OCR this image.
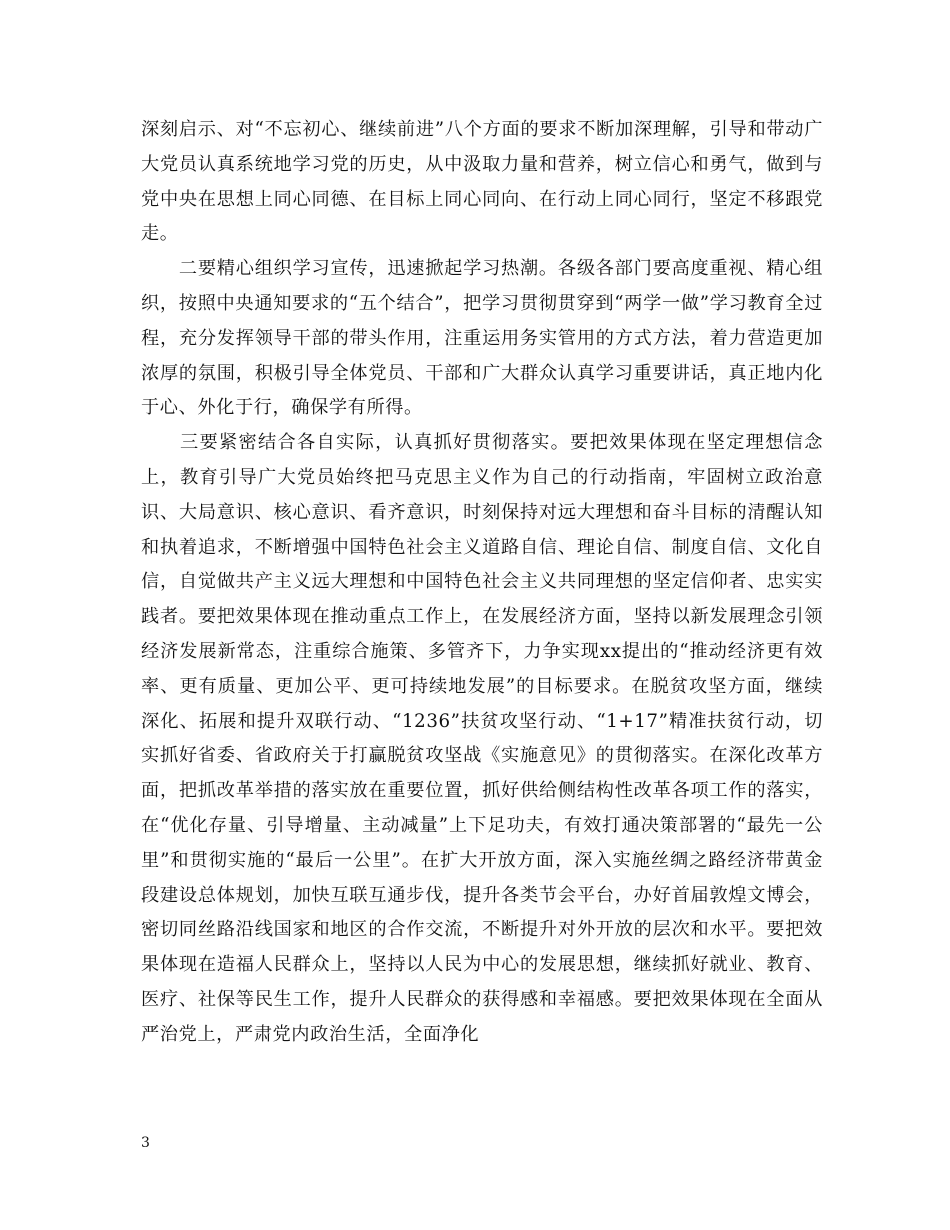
深刻启示、对“不忘初心、继续前进”八个方面的要求不断加深理解，引导和带动广大党员认真系统地学习党的历史，从中汲取力量和营养，树立信心和勇气，做到与党中央在思想上同心同德、在目标上同心同向、在行动上同心同行，坚定不移跟党走。

　　二要精心组织学习宣传，迅速掀起学习热潮。各级各部门要高度重视、精心组织，按照中央通知要求的“五个结合”，把学习贯彻贯穿到“两学一做”学习教育全过程，充分发挥领导干部的带头作用，注重运用务实管用的方式方法，着力营造更加浓厚的氛围，积极引导全体党员、干部和广大群众认真学习重要讲话，真正地内化于心、外化于行，确保学有所得。

　　三要紧密结合各自实际，认真抓好贯彻落实。要把效果体现在坚定理想信念上，教育引导广大党员始终把马克思主义作为自己的行动指南，牢固树立政治意识、大局意识、核心意识、看齐意识，时刻保持对远大理想和奋斗目标的清醒认知和执着追求，不断增强中国特色社会主义道路自信、理论自信、制度自信、文化自信，自觉做共产主义远大理想和中国特色社会主义共同理想的坚定信仰者、忠实实践者。要把效果体现在推动重点工作上，在发展经济方面，坚持以新发展理念引领经济发展新常态，注重综合施策、多管齐下，力争实现xx提出的“推动经济更有效率、更有质量、更加公平、更可持续地发展”的目标要求。在脱贫攻坚方面，继续深化、拓展和提升双联行动、“1236”扶贫攻坚行动、“1+17”精准扶贫行动，切实抓好省委、省政府关于打赢脱贫攻坚战《实施意见》的贯彻落实。在深化改革方面，把抓改革举措的落实放在重要位置，抓好供给侧结构性改革各项工作的落实，在“优化存量、引导增量、主动减量”上下足功夫，有效打通决策部署的“最先一公里”和贯彻实施的“最后一公里”。在扩大开放方面，深入实施丝绸之路经济带黄金段建设总体规划，加快互联互通步伐，提升各类节会平台，办好首届敦煌文博会，密切同丝路沿线国家和地区的合作交流，不断提升对外开放的层次和水平。要把效果体现在造福人民群众上，坚持以人民为中心的发展思想，继续抓好就业、教育、医疗、社保等民生工作，提升人民群众的获得感和幸福感。要把效果体现在全面从严治党上，严肃党内政治生活，全面净化

3
